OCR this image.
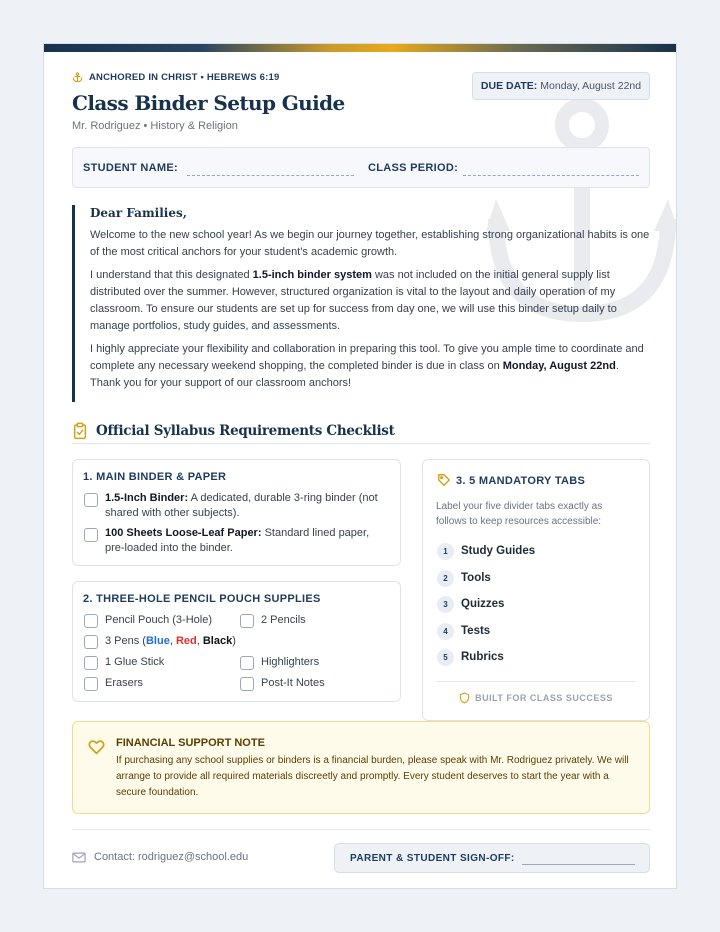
ANCHORED IN CHRIST • HEBREWS 6:19
DUE DATE: Monday, August 22nd
Class Binder Setup Guide
Mr. Rodriguez • History & Religion
STUDENT NAME:	CLASS PERIOD:
Dear Families,

Welcome to the new school year! As we begin our journey together, establishing strong organizational habits is one of the most critical anchors for your student's academic growth.

I understand that this designated 1.5-inch binder system was not included on the initial general supply list distributed over the summer. However, structured organization is vital to the layout and daily operation of my classroom. To ensure our students are set up for success from day one, we will use this binder setup daily to manage portfolios, study guides, and assessments.

I highly appreciate your flexibility and collaboration in preparing this tool. To give you ample time to coordinate and complete any necessary weekend shopping, the completed binder is due in class on Monday, August 22nd. Thank you for your support of our classroom anchors!

Official Syllabus Requirements Checklist
1. MAIN BINDER & PAPER
1.5-Inch Binder: A dedicated, durable 3-ring binder (not shared with other subjects).
100 Sheets Loose-Leaf Paper: Standard lined paper, pre-loaded into the binder.
2. THREE-HOLE PENCIL POUCH SUPPLIES
Pencil Pouch (3-Hole)	2 Pencils
3 Pens (Blue, Red, Black)
1 Glue Stick	Highlighters
Erasers	Post-It Notes
3. 5 MANDATORY TABS
Label your five divider tabs exactly as follows to keep resources accessible:
1	Study Guides
2	Tools
3	Quizzes
4	Tests
5	Rubrics
BUILT FOR CLASS SUCCESS
FINANCIAL SUPPORT NOTE
If purchasing any school supplies or binders is a financial burden, please speak with Mr. Rodriguez privately. We will arrange to provide all required materials discreetly and promptly. Every student deserves to start the year with a secure foundation.
Contact: rodriguez@school.edu	PARENT & STUDENT SIGN-OFF:
